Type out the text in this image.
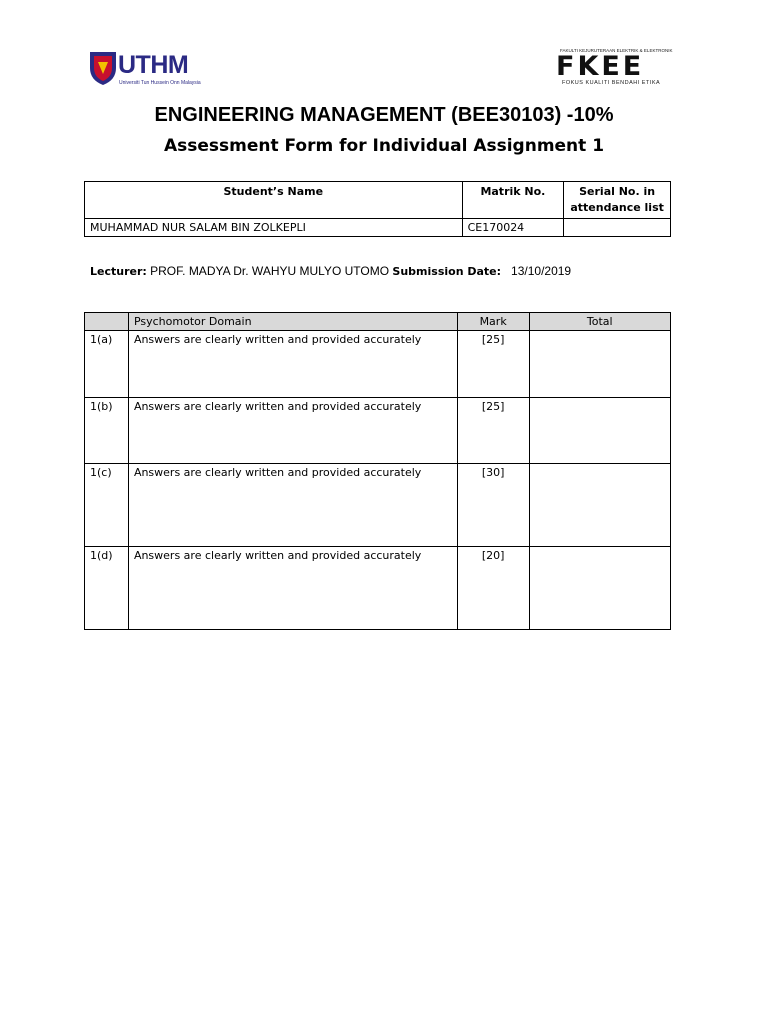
UTHM
Universiti Tun Hussein Onn Malaysia
FAKULTI KEJURUTERAAN ELEKTRIK & ELEKTRONIK
FKEE
FOKUS KUALITI BENDAHI ETIKA
ENGINEERING MANAGEMENT (BEE30103) -10%
Assessment Form for Individual Assignment 1
Student’s Name	Matrik No.	Serial No. in attendance list
MUHAMMAD NUR SALAM BIN ZOLKEPLI	CE170024	
Lecturer: PROF. MADYA Dr. WAHYU MULYO UTOMO Submission Date: 13/10/2019
	Psychomotor Domain	Mark	Total
1(a)	Answers are clearly written and provided accurately	[25]	
1(b)	Answers are clearly written and provided accurately	[25]	
1(c)	Answers are clearly written and provided accurately	[30]	
1(d)	Answers are clearly written and provided accurately	[20]	
